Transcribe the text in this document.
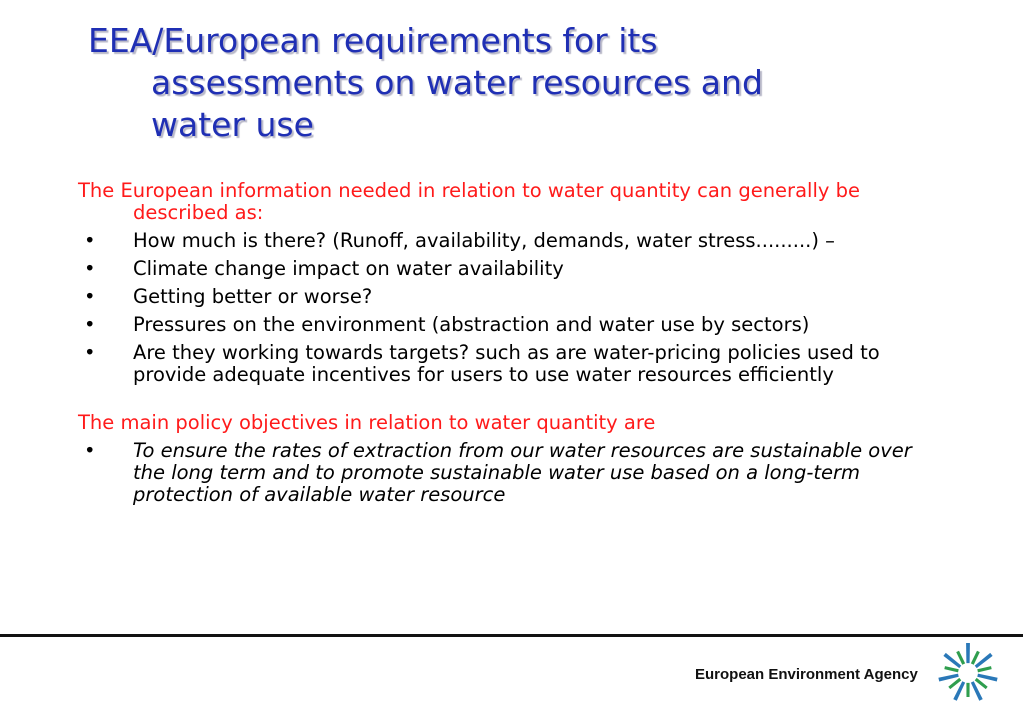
EEA/European requirements for its
assessments on water resources and
water use

The European information needed in relation to water quantity can generally be described as:

• How much is there? (Runoff, availability, demands, water stress.........) –
• Climate change impact on water availability
• Getting better or worse?
• Pressures on the environment (abstraction and water use by sectors)
• Are they working towards targets? such as are water-pricing policies used to provide adequate incentives for users to use water resources efficiently

The main policy objectives in relation to water quantity are

• To ensure the rates of extraction from our water resources are sustainable over the long term and to promote sustainable water use based on a long-term protection of available water resource
European Environment Agency
